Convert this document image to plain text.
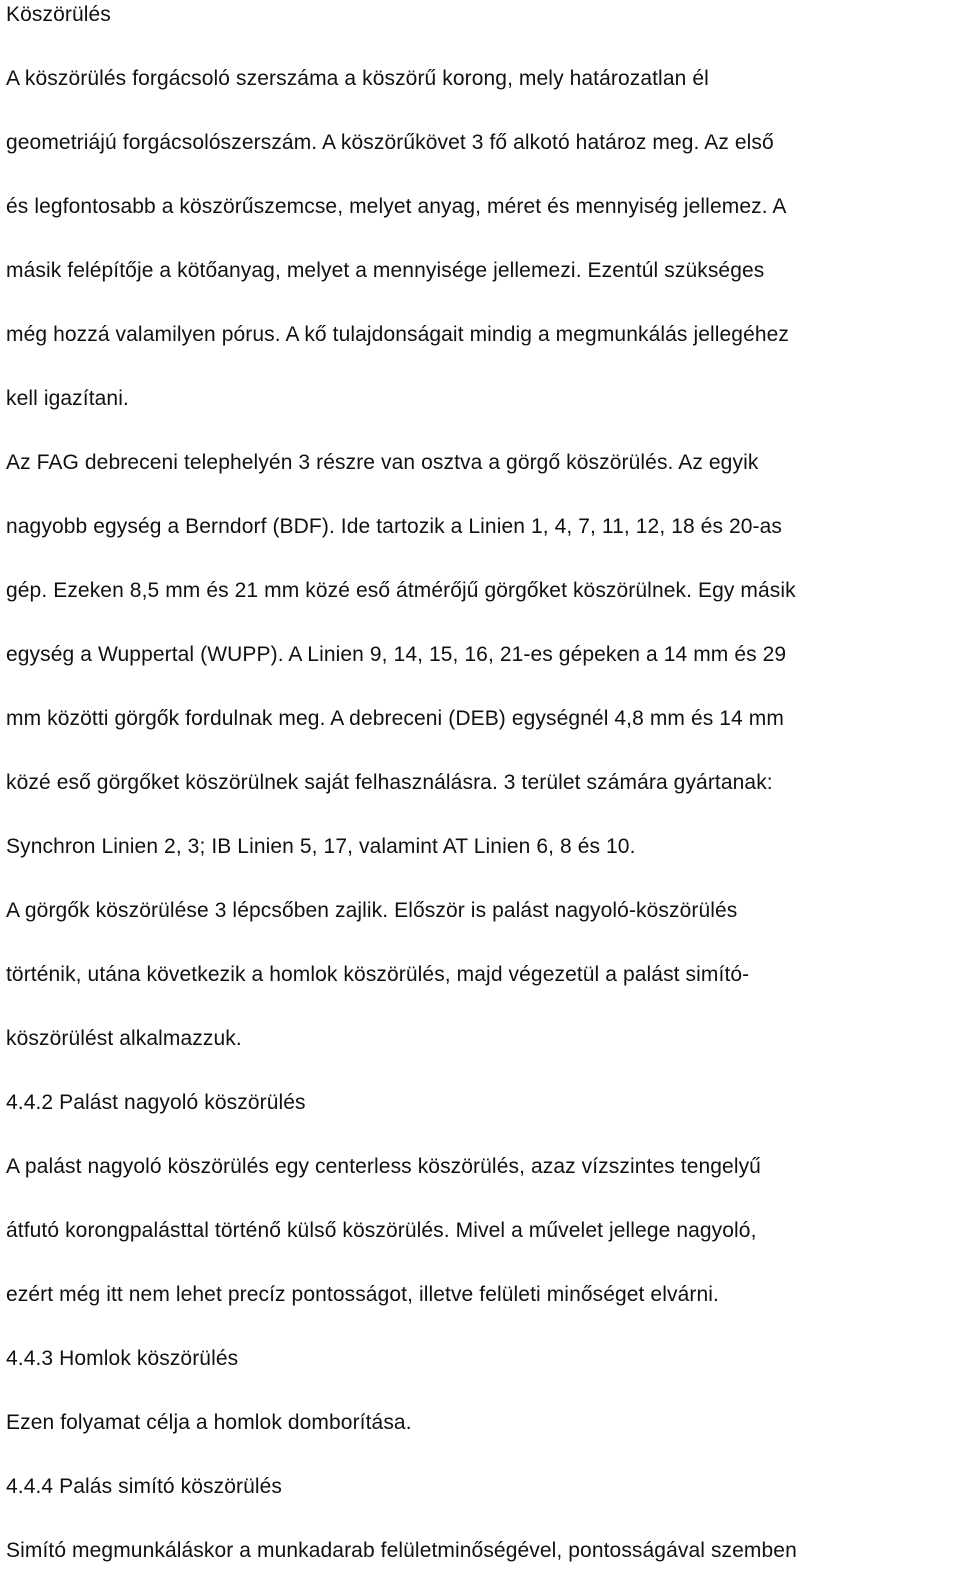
Köszörülés

A köszörülés forgácsoló szerszáma a köszörű korong, mely határozatlan él

geometriájú forgácsolószerszám. A köszörűkövet 3 fő alkotó határoz meg. Az első

és legfontosabb a köszörűszemcse, melyet anyag, méret és mennyiség jellemez. A

másik felépítője a kötőanyag, melyet a mennyisége jellemezi. Ezentúl szükséges

még hozzá valamilyen pórus. A kő tulajdonságait mindig a megmunkálás jellegéhez

kell igazítani.

Az FAG debreceni telephelyén 3 részre van osztva a görgő köszörülés. Az egyik

nagyobb egység a Berndorf (BDF). Ide tartozik a Linien 1, 4, 7, 11, 12, 18 és 20-as

gép. Ezeken 8,5 mm és 21 mm közé eső átmérőjű görgőket köszörülnek. Egy másik

egység a Wuppertal (WUPP). A Linien 9, 14, 15, 16, 21-es gépeken a 14 mm és 29

mm közötti görgők fordulnak meg. A debreceni (DEB) egységnél 4,8 mm és 14 mm

közé eső görgőket köszörülnek saját felhasználásra. 3 terület számára gyártanak:

Synchron Linien 2, 3; IB Linien 5, 17, valamint AT Linien 6, 8 és 10.

A görgők köszörülése 3 lépcsőben zajlik. Először is palást nagyoló-köszörülés

történik, utána következik a homlok köszörülés, majd végezetül a palást simító-

köszörülést alkalmazzuk.

4.4.2 Palást nagyoló köszörülés

A palást nagyoló köszörülés egy centerless köszörülés, azaz vízszintes tengelyű

átfutó korongpalásttal történő külső köszörülés. Mivel a művelet jellege nagyoló,

ezért még itt nem lehet precíz pontosságot, illetve felületi minőséget elvárni.

4.4.3 Homlok köszörülés

Ezen folyamat célja a homlok domborítása.

4.4.4 Palás simító köszörülés

Simító megmunkáláskor a munkadarab felületminőségével, pontosságával szemben
